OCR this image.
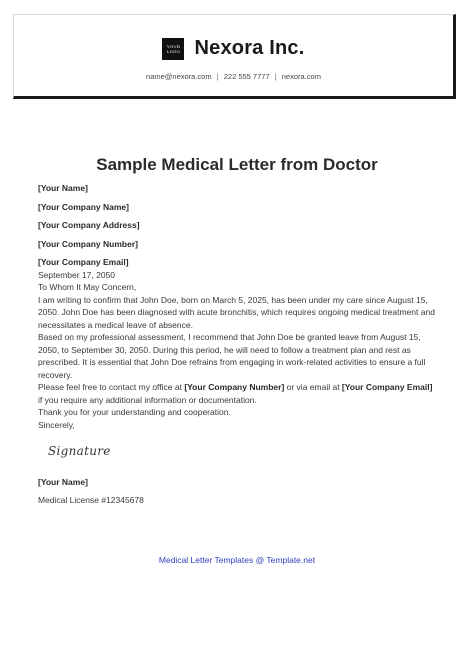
YOUR LOGO Nexora Inc.
name@nexora.com | 222 555 7777 | nexora.com
Sample Medical Letter from Doctor
[Your Name]
[Your Company Name]
[Your Company Address]
[Your Company Number]
[Your Company Email]
September 17, 2050
To Whom It May Concern,
I am writing to confirm that John Doe, born on March 5, 2025, has been under my care since August 15, 2050. John Doe has been diagnosed with acute bronchitis, which requires ongoing medical treatment and necessitates a medical leave of absence.
Based on my professional assessment, I recommend that John Doe be granted leave from August 15, 2050, to September 30, 2050. During this period, he will need to follow a treatment plan and rest as prescribed. It is essential that John Doe refrains from engaging in work-related activities to ensure a full recovery.
Please feel free to contact my office at [Your Company Number] or via email at [Your Company Email] if you require any additional information or documentation.
Thank you for your understanding and cooperation.
Sincerely,
Signature
[Your Name]
Medical License #12345678
Medical Letter Templates @ Template.net
